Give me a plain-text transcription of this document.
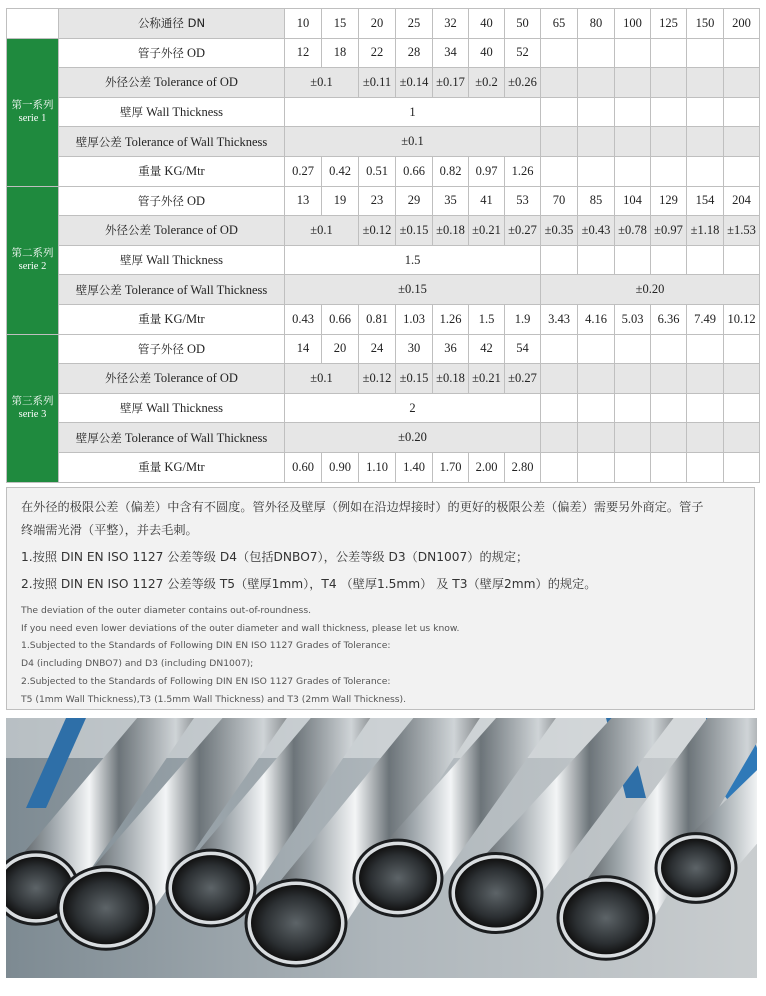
	公称通径 DN	10	15	20	25	32	40	50	65	80	100	125	150	200

第一系列
serie 1	管子外径 OD	12	18	22	28	34	40	52						
	外径公差 Tolerance of OD	±0.1		±0.11	±0.14	±0.17	±0.2	±0.26						
	壁厚 Wall Thickness	1												
	壁厚公差 Tolerance of Wall Thickness	±0.1												
	重量 KG/Mtr	0.27	0.42	0.51	0.66	0.82	0.97	1.26						

第二系列
serie 2	管子外径 OD	13	19	23	29	35	41	53	70	85	104	129	154	204
	外径公差 Tolerance of OD	±0.1		±0.12	±0.15	±0.18	±0.21	±0.27	±0.35	±0.43	±0.78	±0.97	±1.18	±1.53
	壁厚 Wall Thickness	1.5												
	壁厚公差 Tolerance of Wall Thickness	±0.15							±0.20					
	重量 KG/Mtr	0.43	0.66	0.81	1.03	1.26	1.5	1.9	3.43	4.16	5.03	6.36	7.49	10.12

第三系列
serie 3	管子外径 OD	14	20	24	30	36	42	54						
	外径公差 Tolerance of OD	±0.1		±0.12	±0.15	±0.18	±0.21	±0.27						
	壁厚 Wall Thickness	2												
	壁厚公差 Tolerance of Wall Thickness	±0.20												
	重量 KG/Mtr	0.60	0.90	1.10	1.40	1.70	2.00	2.80						

在外径的极限公差（偏差）中含有不圆度。管外径及壁厚（例如在沿边焊接时）的更好的极限公差（偏差）需要另外商定。管子

终端需光滑（平整），并去毛刺。

1.按照 DIN EN ISO 1127 公差等级 D4（包括DNBO7），公差等级 D3（DN1007）的规定；

2.按照 DIN EN ISO 1127 公差等级 T5（壁厚1mm），T4 （壁厚1.5mm） 及 T3（壁厚2mm）的规定。

The deviation of the outer diameter contains out-of-roundness.

If you need even lower deviations of the outer diameter and wall thickness, please let us know.

1.Subjected to the Standards of Following DIN EN ISO 1127 Grades of Tolerance:

D4 (including DNBO7) and D3 (including DN1007);

2.Subjected to the Standards of Following DIN EN ISO 1127 Grades of Tolerance:

T5 (1mm Wall Thickness),T3 (1.5mm Wall Thickness) and T3 (2mm Wall Thickness).
